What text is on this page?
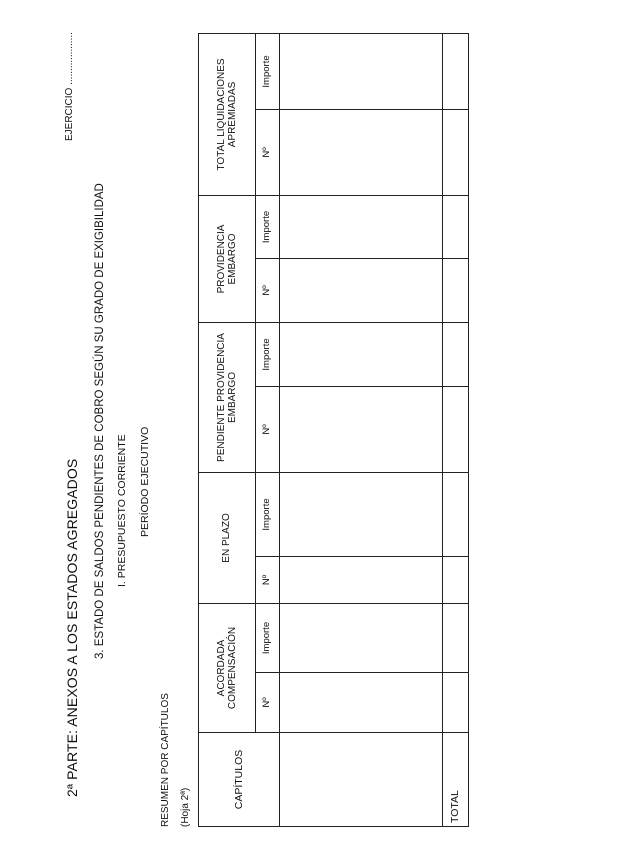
2ª PARTE: ANEXOS A LOS ESTADOS AGREGADOS 3. ESTADO DE SALDOS PENDIENTES DE COBRO SEGÚN SU GRADO DE EXIGIBILIDAD I. PRESUPUESTO CORRIENTE PERÍODO EJECUTIVO
EJERCICIO ...................
RESUMEN POR CAPÍTULOS (Hoja 2ª)	CAPÍTULOS	ACORDADA COMPENSACIÓN		EN PLAZO		PENDIENTE PROVIDENCIA EMBARGO		PROVIDENCIA EMBARGO		TOTAL LIQUIDACIONES APREMIADAS	

	Nº	Importe	Nº	Importe	Nº	Importe	Nº	Importe	Nº	Importe

TOTAL										
